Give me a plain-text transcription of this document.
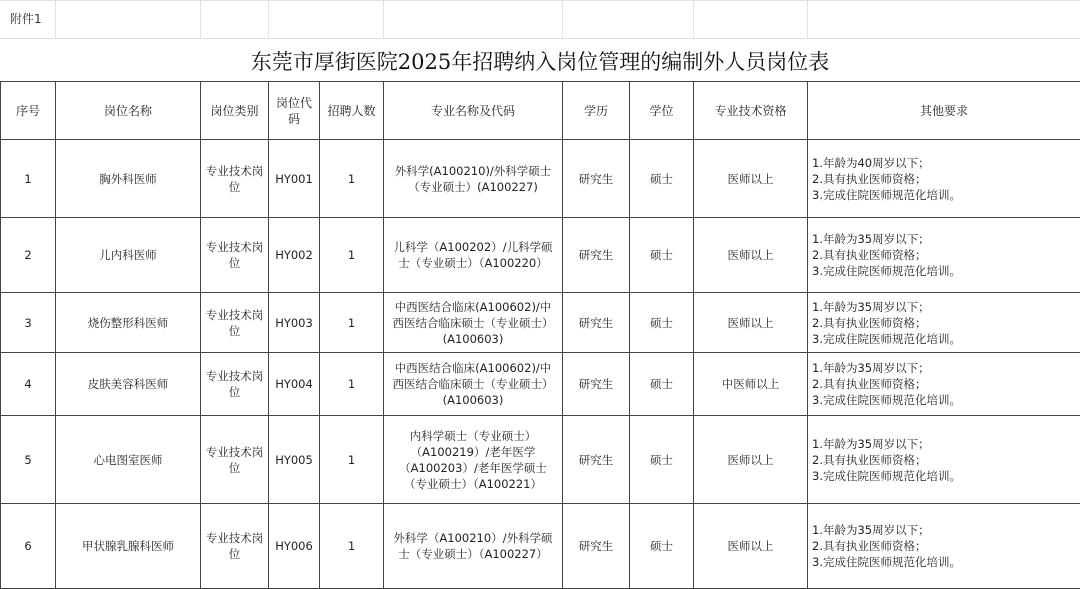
附件1
东莞市厚街医院2025年招聘纳入岗位管理的编制外人员岗位表
序号	岗位名称	岗位类别	岗位代码	招聘人数	专业名称及代码	学历	学位	专业技术资格	其他要求
1	胸外科医师	专业技术岗位	HY001	1	外科学(A100210)/外科学硕士（专业硕士）(A100227)	研究生	硕士	医师以上	1.年龄为40周岁以下；
2.具有执业医师资格；
3.完成住院医师规范化培训。

2	儿内科医师	专业技术岗位	HY002	1	儿科学（A100202）/儿科学硕士（专业硕士）（A100220）	研究生	硕士	医师以上	1.年龄为35周岁以下；
2.具有执业医师资格；
3.完成住院医师规范化培训。

3	烧伤整形科医师	专业技术岗位	HY003	1	中西医结合临床(A100602)/中西医结合临床硕士（专业硕士）(A100603)	研究生	硕士	医师以上	1.年龄为35周岁以下；
2.具有执业医师资格；
3.完成住院医师规范化培训。

4	皮肤美容科医师	专业技术岗位	HY004	1	中西医结合临床(A100602)/中西医结合临床硕士（专业硕士）(A100603)	研究生	硕士	中医师以上	1.年龄为35周岁以下；
2.具有执业医师资格；
3.完成住院医师规范化培训。

5	心电图室医师	专业技术岗位	HY005	1	内科学硕士（专业硕士）（A100219）/老年医学（A100203）/老年医学硕士（专业硕士）（A100221）	研究生	硕士	医师以上	1.年龄为35周岁以下；
2.具有执业医师资格；
3.完成住院医师规范化培训。

6	甲状腺乳腺科医师	专业技术岗位	HY006	1	外科学（A100210）/外科学硕士（专业硕士）（A100227）	研究生	硕士	医师以上	1.年龄为35周岁以下；
2.具有执业医师资格；
3.完成住院医师规范化培训。
